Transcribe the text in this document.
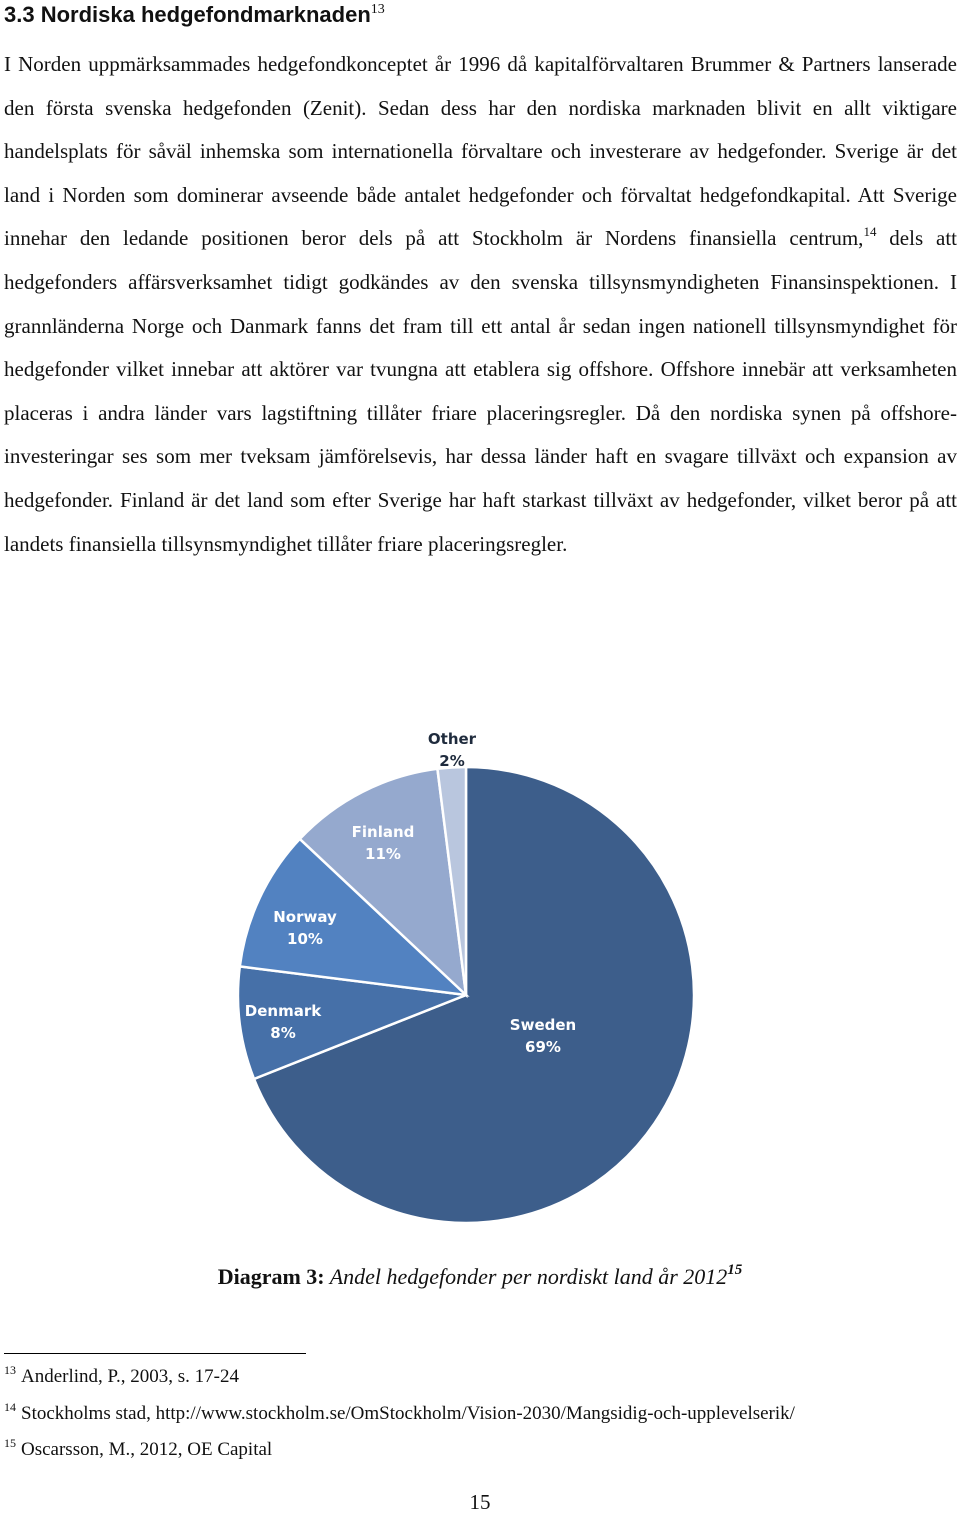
3.3 Nordiska hedgefondmarknaden$^{13}$

I Norden uppmärksammades hedgefondkonceptet år 1996 då kapitalförvaltaren Brummer & Partners lanserade den första svenska hedgefonden (Zenit). Sedan dess har den nordiska marknaden blivit en allt viktigare handelsplats för såväl inhemska som internationella förvaltare och investerare av hedgefonder. Sverige är det land i Norden som dominerar avseende både antalet hedgefonder och förvaltat hedgefondkapital. Att Sverige innehar den ledande positionen beror dels på att Stockholm är Nordens finansiella centrum,$^{14}$ dels att hedgefonders affärsverksamhet tidigt godkändes av den svenska tillsynsmyndigheten Finansinspektionen. I grannländerna Norge och Danmark fanns det fram till ett antal år sedan ingen nationell tillsynsmyndighet för hedgefonder vilket innebar att aktörer var tvungna att etablera sig offshore. Offshore innebär att verksamheten placeras i andra länder vars lagstiftning tillåter friare placeringsregler. Då den nordiska synen på offshore-investeringar ses som mer tveksam jämförelsevis, har dessa länder haft en svagare tillväxt och expansion av hedgefonder. Finland är det land som efter Sverige har haft starkast tillväxt av hedgefonder, vilket beror på att landets finansiella tillsynsmyndighet tillåter friare placeringsregler.

Sweden
69%
Denmark
8%
Norway
10%
Finland
11%
Other
2%

Diagram 3: Andel hedgefonder per nordiskt land år 2012$^{15}$

$^{13}$ Anderlind, P., 2003, s. 17-24

$^{14}$ Stockholms stad, http://www.stockholm.se/OmStockholm/Vision-2030/Mangsidig-och-upplevelserik/

$^{15}$ Oscarsson, M., 2012, OE Capital

15
